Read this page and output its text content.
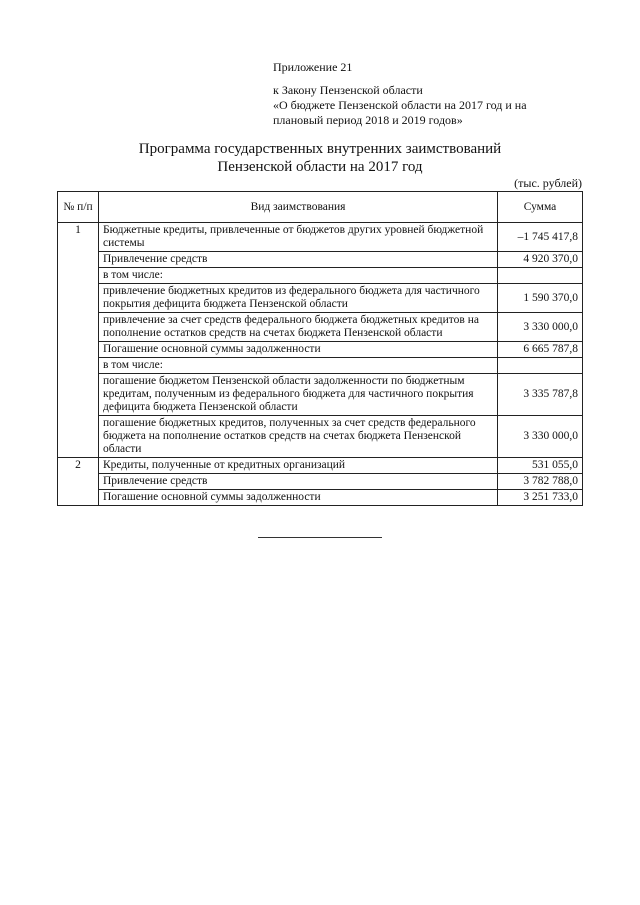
Приложение 21
к Закону Пензенской области
«О бюджете Пензенской области на 2017 год и на
плановый период 2018 и 2019 годов»
Программа государственных внутренних заимствований
Пензенской области на 2017 год
(тыс. рублей)
№ п/п	Вид заимствования	Сумма
1	Бюджетные кредиты, привлеченные от бюджетов других уровней бюджетной системы	–1 745 417,8
	Привлечение средств	4 920 370,0
	в том числе:	
	привлечение бюджетных кредитов из федерального бюджета для частичного покрытия дефицита бюджета Пензенской области	1 590 370,0
	привлечение за счет средств федерального бюджета бюджетных кредитов на пополнение остатков средств на счетах бюджета Пензенской области	3 330 000,0
	Погашение основной суммы задолженности	6 665 787,8
	в том числе:	
	погашение бюджетом Пензенской области задолженности по бюджетным кредитам, полученным из федерального бюджета для частичного покрытия дефицита бюджета Пензенской области	3 335 787,8
	погашение бюджетных кредитов, полученных за счет средств федерального бюджета на пополнение остатков средств на счетах бюджета Пензенской области	3 330 000,0
2	Кредиты, полученные от кредитных организаций	531 055,0
	Привлечение средств	3 782 788,0
	Погашение основной суммы задолженности	3 251 733,0
